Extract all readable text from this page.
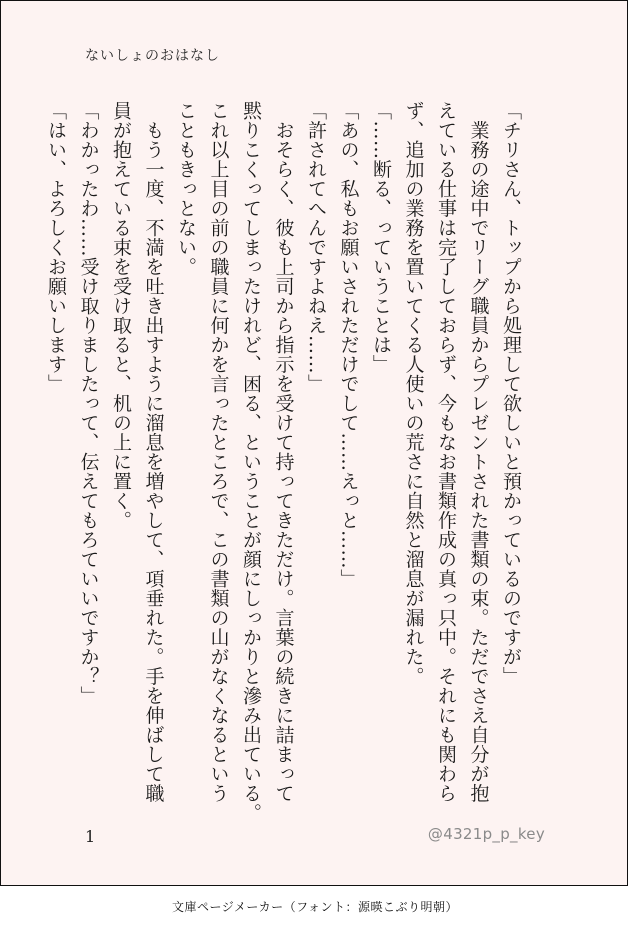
ないしょのおはなし
「チリさん、トップから処理して欲しいと預かっているのですが」
　業務の途中でリーグ職員からプレゼントされた書類の束。ただでさえ自分が抱
えている仕事は完了しておらず、今もなお書類作成の真っ只中。それにも関わら
ず、追加の業務を置いてくる人使いの荒さに自然と溜息が漏れた。
「……断る、っていうことは」
「あの、私もお願いされただけでして……えっと……」
「許されてへんですよねえ……」
　おそらく、彼も上司から指示を受けて持ってきただけ。言葉の続きに詰まって
黙りこくってしまったけれど、困る、ということが顔にしっかりと滲み出ている。
これ以上目の前の職員に何かを言ったところで、この書類の山がなくなるという
こともきっとない。
　もう一度、不満を吐き出すように溜息を増やして、項垂れた。手を伸ばして職
員が抱えている束を受け取ると、机の上に置く。
「わかったわ……受け取りましたって、伝えてもろていいですか？」
「はい、よろしくお願いします」
1	@4321p_p_key
文庫ページメーカー（フォント：源暎こぶり明朝）
